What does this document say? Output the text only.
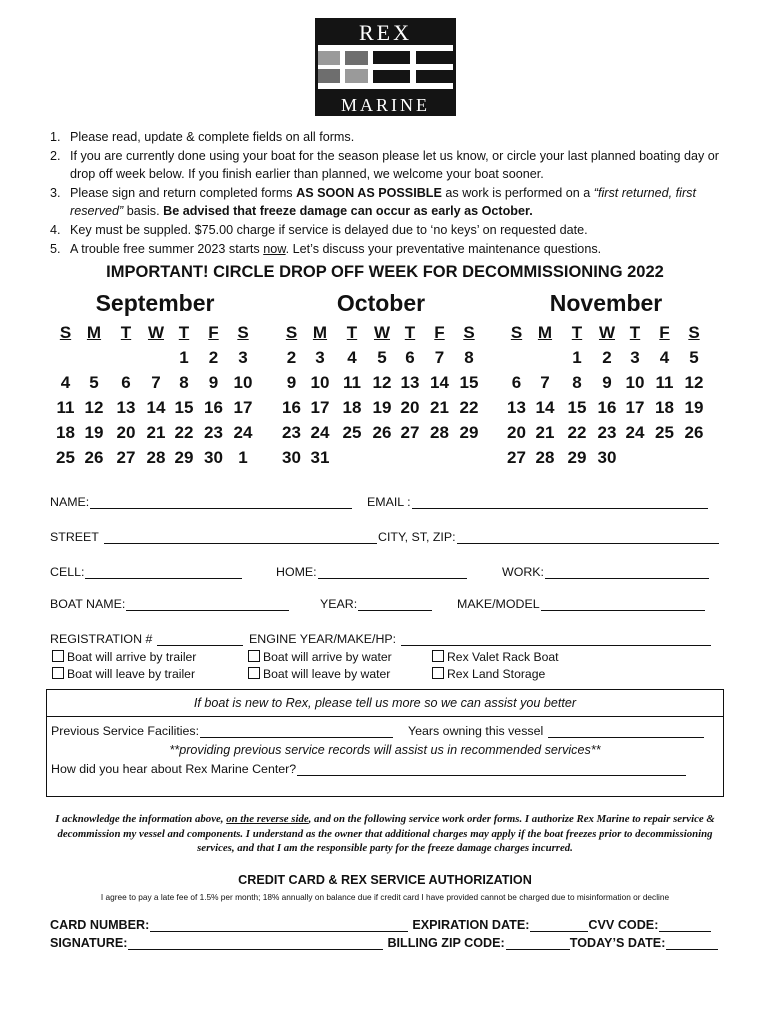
REX
MARINE
1. Please read, update & complete fields on all forms.
2. If you are currently done using your boat for the season please let us know, or circle your last planned boating day or drop off week below. If you finish earlier than planned, we welcome your boat sooner.
3. Please sign and return completed forms AS SOON AS POSSIBLE as work is performed on a “first returned, first reserved” basis. Be advised that freeze damage can occur as early as October.
4. Key must be suppled. $75.00 charge if service is delayed due to ‘no keys’ on requested date.
5. A trouble free summer 2023 starts now. Let’s discuss your preventative maintenance questions.
IMPORTANT! CIRCLE DROP OFF WEEK FOR DECOMMISSIONING 2022
September
S	M	T	W	T	F	S
				1	2	3
4	5	6	7	8	9	10
11	12	13	14	15	16	17
18	19	20	21	22	23	24
25	26	27	28	29	30	1
October
S	M	T	W	T	F	S
2	3	4	5	6	7	8
9	10	11	12	13	14	15
16	17	18	19	20	21	22
23	24	25	26	27	28	29
30	31					
November
S	M	T	W	T	F	S
		1	2	3	4	5
6	7	8	9	10	11	12
13	14	15	16	17	18	19
20	21	22	23	24	25	26
27	28	29	30			
NAME:	EMAIL :
STREET	CITY, ST, ZIP:
CELL:	HOME:	WORK:
BOAT NAME:	YEAR:	MAKE/MODEL
REGISTRATION #	ENGINE YEAR/MAKE/HP:
Boat will arrive by trailer
Boat will leave by trailer
Boat will arrive by water
Boat will leave by water
Rex Valet Rack Boat
Rex Land Storage
If boat is new to Rex, please tell us more so we can assist you better
Previous Service Facilities:	Years owning this vessel
**providing previous service records will assist us in recommended services**
How did you hear about Rex Marine Center?
I acknowledge the information above, on the reverse side, and on the following service work order forms. I authorize Rex Marine to repair service & decommission my vessel and components. I understand as the owner that additional charges may apply if the boat freezes prior to decommissioning services, and that I am the responsible party for the freeze damage charges incurred.
CREDIT CARD & REX SERVICE AUTHORIZATION
I agree to pay a late fee of 1.5% per month; 18% annually on balance due if credit card I have provided cannot be charged due to misinformation or decline
CARD NUMBER:	EXPIRATION DATE:	CVV CODE:
SIGNATURE:	BILLING ZIP CODE:	TODAY’S DATE:
